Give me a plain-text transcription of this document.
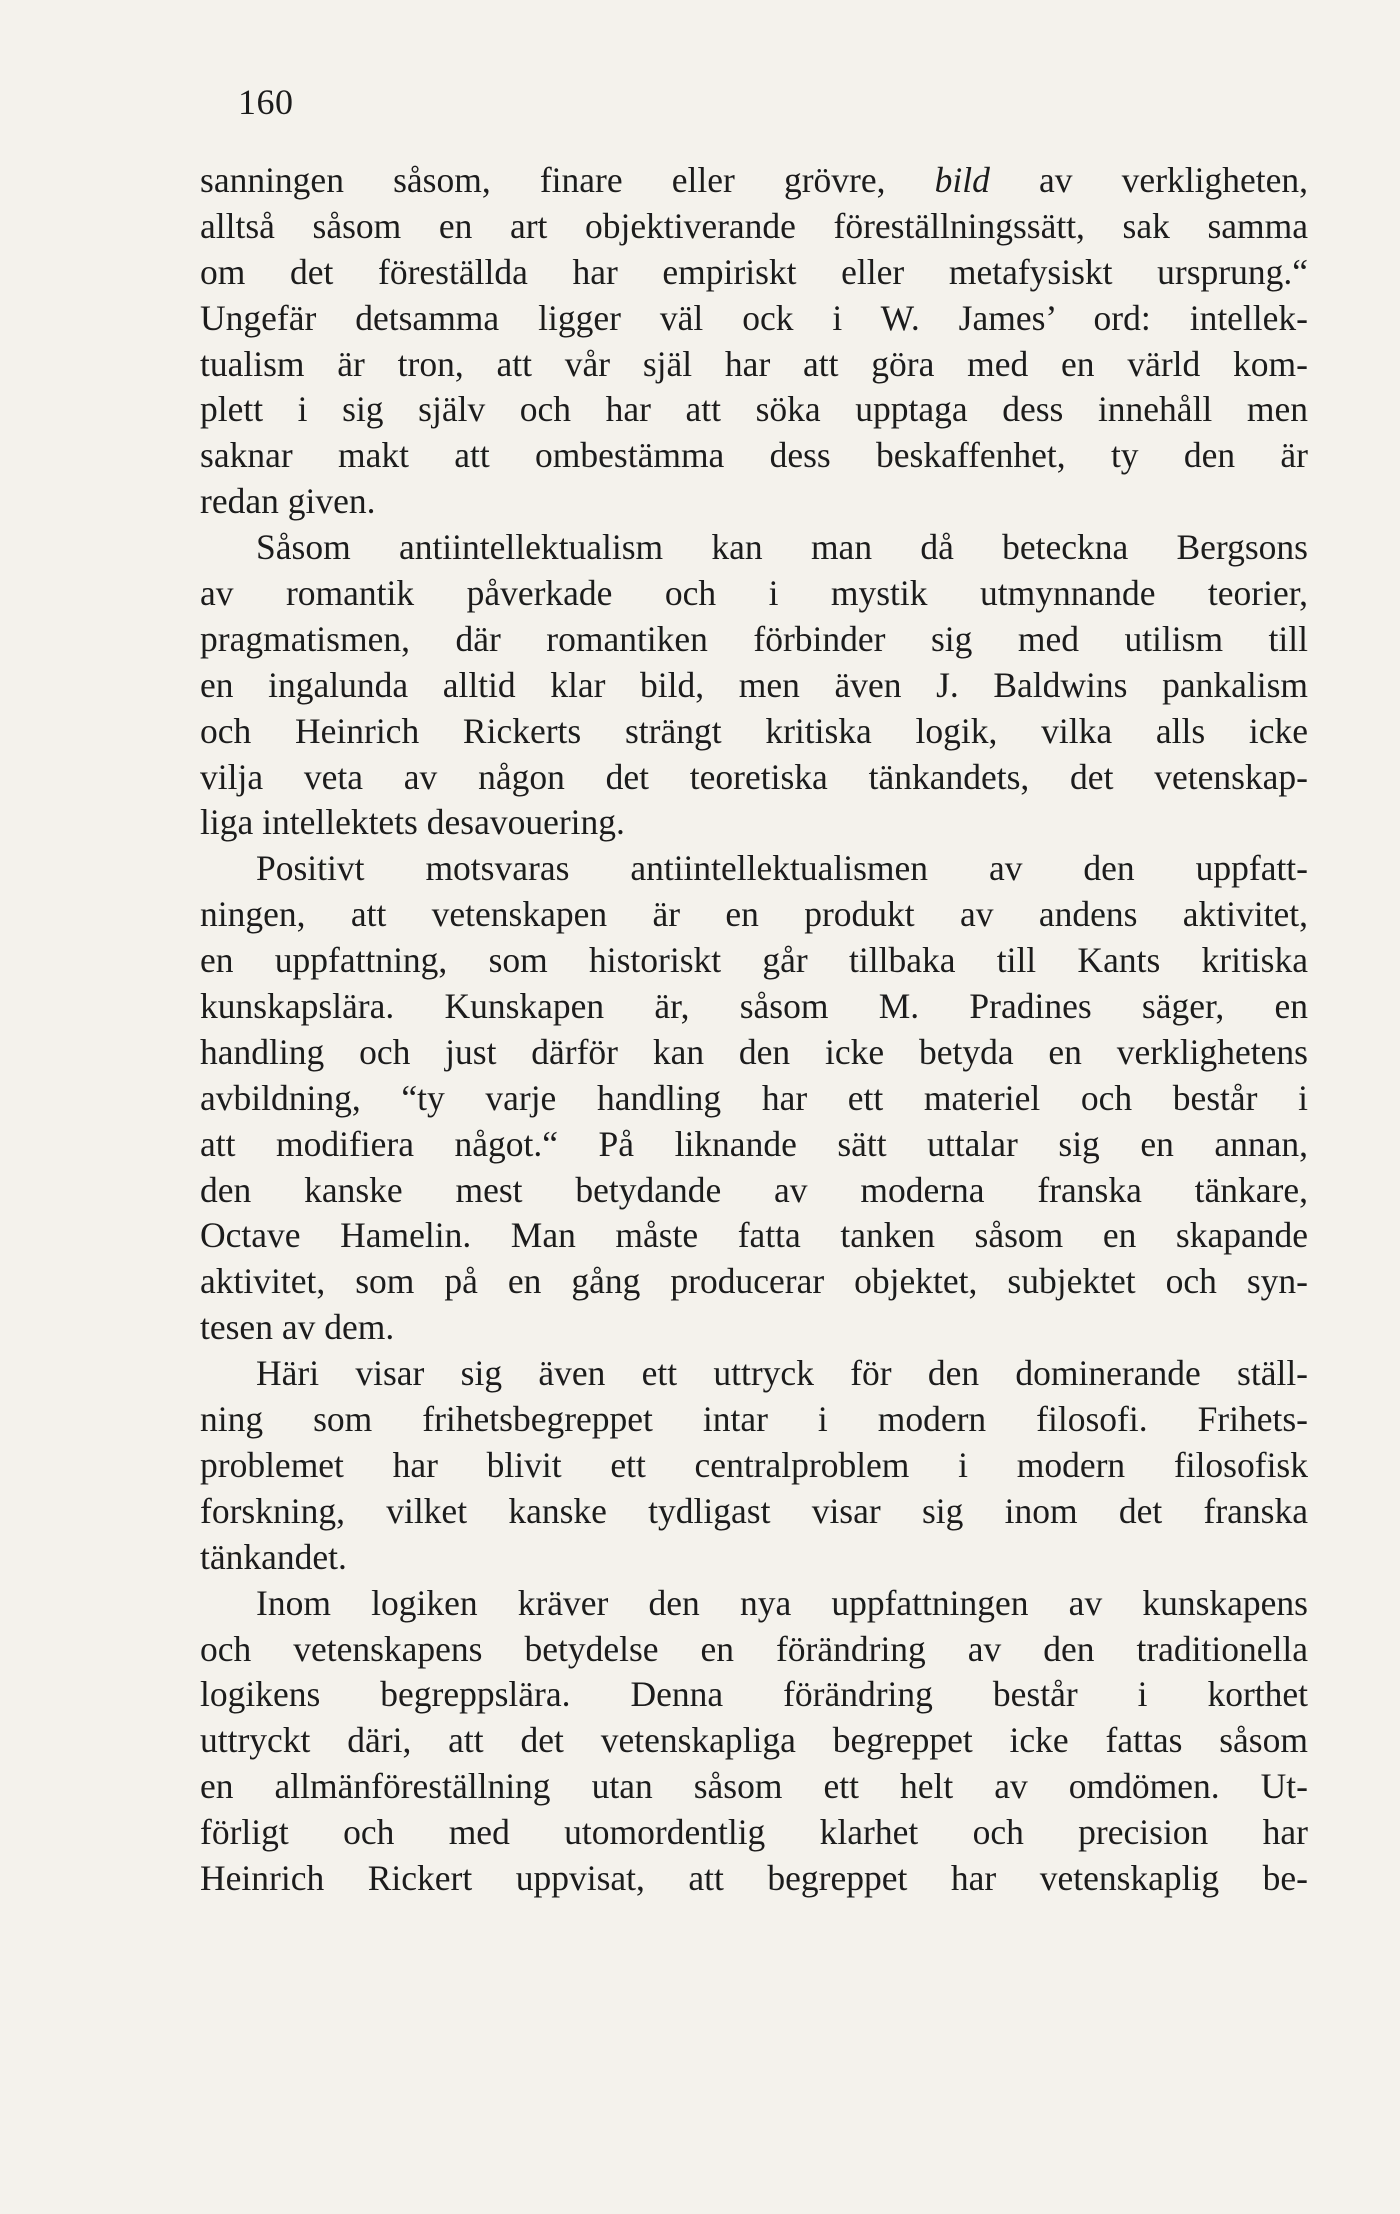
160
sanningen såsom, finare eller grövre, bild av verkligheten,
alltså såsom en art objektiverande föreställningssätt, sak samma
om det föreställda har empiriskt eller metafysiskt ursprung.“
Ungefär detsamma ligger väl ock i W. James’ ord: intellek-
tualism är tron, att vår själ har att göra med en värld kom-
plett i sig själv och har att söka upptaga dess innehåll men
saknar makt att ombestämma dess beskaffenhet, ty den är
redan given.
Såsom antiintellektualism kan man då beteckna Bergsons
av romantik påverkade och i mystik utmynnande teorier,
pragmatismen, där romantiken förbinder sig med utilism till
en ingalunda alltid klar bild, men även J. Baldwins pankalism
och Heinrich Rickerts strängt kritiska logik, vilka alls icke
vilja veta av någon det teoretiska tänkandets, det vetenskap-
liga intellektets desavouering.
Positivt motsvaras antiintellektualismen av den uppfatt-
ningen, att vetenskapen är en produkt av andens aktivitet,
en uppfattning, som historiskt går tillbaka till Kants kritiska
kunskapslära. Kunskapen är, såsom M. Pradines säger, en
handling och just därför kan den icke betyda en verklighetens
avbildning, “ty varje handling har ett materiel och består i
att modifiera något.“ På liknande sätt uttalar sig en annan,
den kanske mest betydande av moderna franska tänkare,
Octave Hamelin. Man måste fatta tanken såsom en skapande
aktivitet, som på en gång producerar objektet, subjektet och syn-
tesen av dem.
Häri visar sig även ett uttryck för den dominerande ställ-
ning som frihetsbegreppet intar i modern filosofi. Frihets-
problemet har blivit ett centralproblem i modern filosofisk
forskning, vilket kanske tydligast visar sig inom det franska
tänkandet.
Inom logiken kräver den nya uppfattningen av kunskapens
och vetenskapens betydelse en förändring av den traditionella
logikens begreppslära. Denna förändring består i korthet
uttryckt däri, att det vetenskapliga begreppet icke fattas såsom
en allmänföreställning utan såsom ett helt av omdömen. Ut-
förligt och med utomordentlig klarhet och precision har
Heinrich Rickert uppvisat, att begreppet har vetenskaplig be-
